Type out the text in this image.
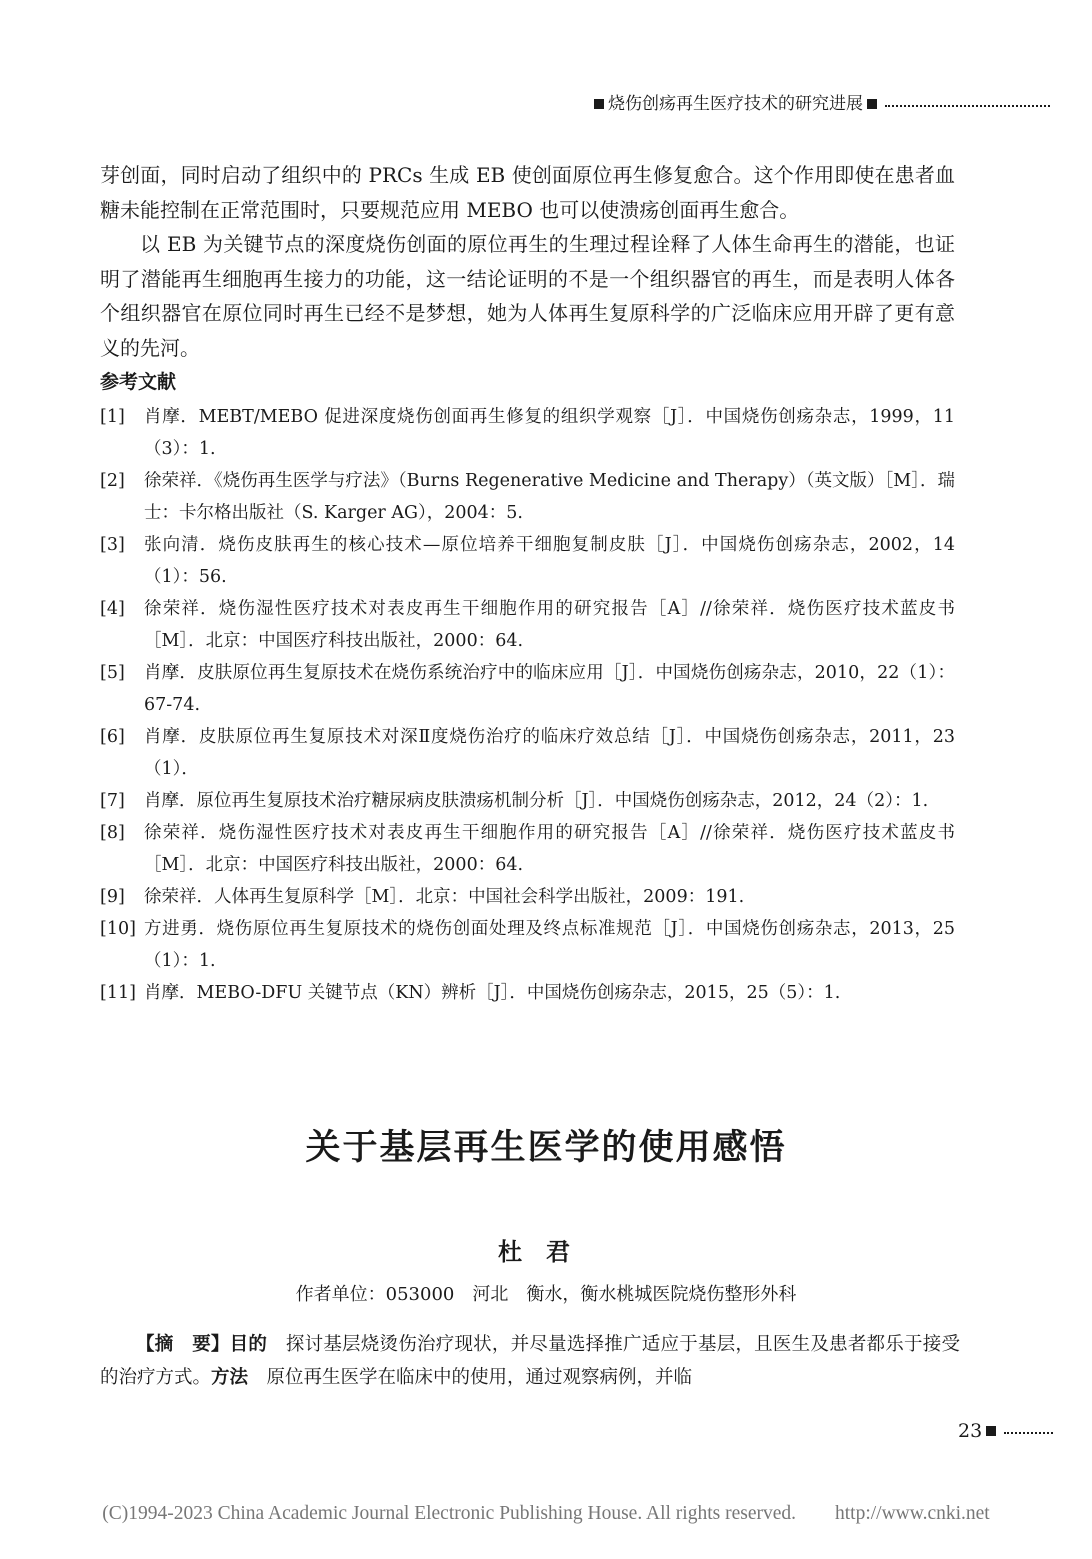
烧伤创疡再生医疗技术的研究进展

芽创面，同时启动了组织中的 PRCs 生成 EB 使创面原位再生修复愈合。这个作用即使在患者血糖未能控制在正常范围时，只要规范应用 MEBO 也可以使溃疡创面再生愈合。

以 EB 为关键节点的深度烧伤创面的原位再生的生理过程诠释了人体生命再生的潜能，也证明了潜能再生细胞再生接力的功能，这一结论证明的不是一个组织器官的再生，而是表明人体各个组织器官在原位同时再生已经不是梦想，她为人体再生复原科学的广泛临床应用开辟了更有意义的先河。

参考文献
[1]	肖摩．MEBT/MEBO 促进深度烧伤创面再生修复的组织学观察［J］．中国烧伤创疡杂志，1999，11（3）：1.
[2]	徐荣祥．《烧伤再生医学与疗法》（Burns Regenerative Medicine and Therapy）（英文版）［M］．瑞士：卡尔格出版社（S. Karger AG），2004：5.
[3]	张向清．烧伤皮肤再生的核心技术—原位培养干细胞复制皮肤［J］．中国烧伤创疡杂志，2002，14（1）：56.
[4]	徐荣祥．烧伤湿性医疗技术对表皮再生干细胞作用的研究报告［A］//徐荣祥．烧伤医疗技术蓝皮书［M］．北京：中国医疗科技出版社，2000：64.
[5]	肖摩．皮肤原位再生复原技术在烧伤系统治疗中的临床应用［J］．中国烧伤创疡杂志，2010，22（1）：67-74.
[6]	肖摩．皮肤原位再生复原技术对深Ⅱ度烧伤治疗的临床疗效总结［J］．中国烧伤创疡杂志，2011，23（1）．
[7]	肖摩．原位再生复原技术治疗糖尿病皮肤溃疡机制分析［J］．中国烧伤创疡杂志，2012，24（2）：1.
[8]	徐荣祥．烧伤湿性医疗技术对表皮再生干细胞作用的研究报告［A］//徐荣祥．烧伤医疗技术蓝皮书［M］．北京：中国医疗科技出版社，2000：64.
[9]	徐荣祥．人体再生复原科学［M］．北京：中国社会科学出版社，2009：191.
[10] 方进勇．烧伤原位再生复原技术的烧伤创面处理及终点标准规范［J］．中国烧伤创疡杂志，2013，25（1）：1.
[11] 肖摩．MEBO-DFU 关键节点（KN）辨析［J］．中国烧伤创疡杂志，2015，25（5）：1.
关于基层再生医学的使用感悟
杜君
作者单位：053000　河北　衡水，衡水桃城医院烧伤整形外科
【摘　要】目的　探讨基层烧烫伤治疗现状，并尽量选择推广适应于基层，且医生及患者都乐于接受的治疗方式。方法　原位再生医学在临床中的使用，通过观察病例，并临
23
(C)1994-2023 China Academic Journal Electronic Publishing House. All rights reserved.　　http://www.cnki.net
